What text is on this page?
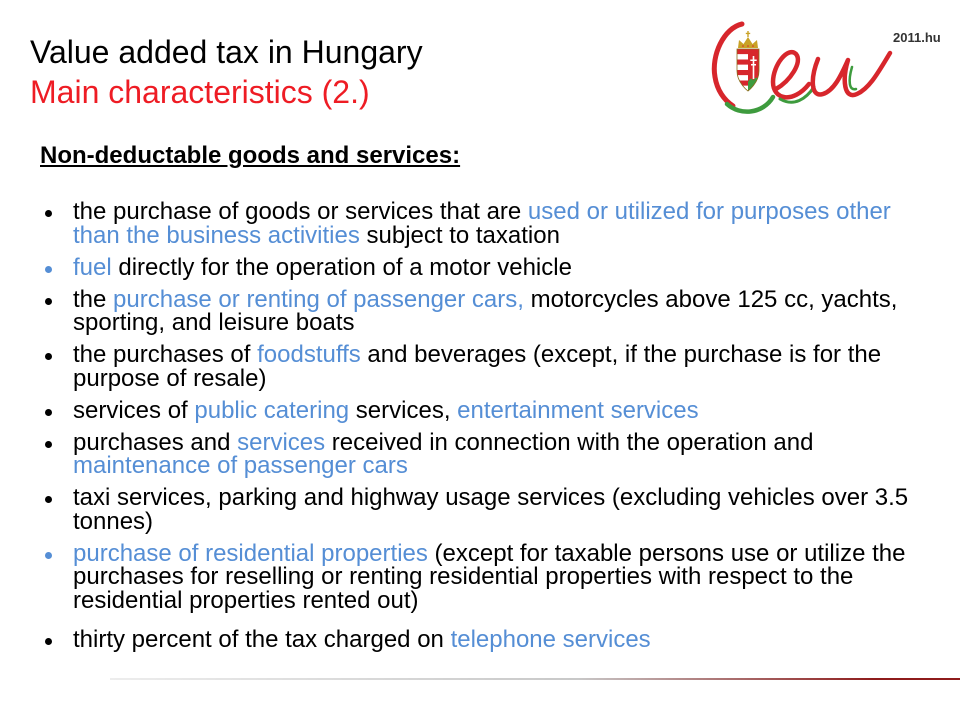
Value added tax in Hungary
Main characteristics (2.)
2011.hu
Non-deductable goods and services:
the purchase of goods or services that are used or utilized for purposes other than the business activities subject to taxation
fuel directly for the operation of a motor vehicle
the purchase or renting of passenger cars, motorcycles above 125 cc, yachts, sporting, and leisure boats
the purchases of foodstuffs and beverages (except, if the purchase is for the purpose of resale)
services of public catering services, entertainment services
purchases and services received in connection with the operation and maintenance of passenger cars
taxi services, parking and highway usage services (excluding vehicles over 3.5 tonnes)
purchase of residential properties (except for taxable persons use or utilize the purchases for reselling or renting residential properties with respect to the residential properties rented out)
thirty percent of the tax charged on telephone services
